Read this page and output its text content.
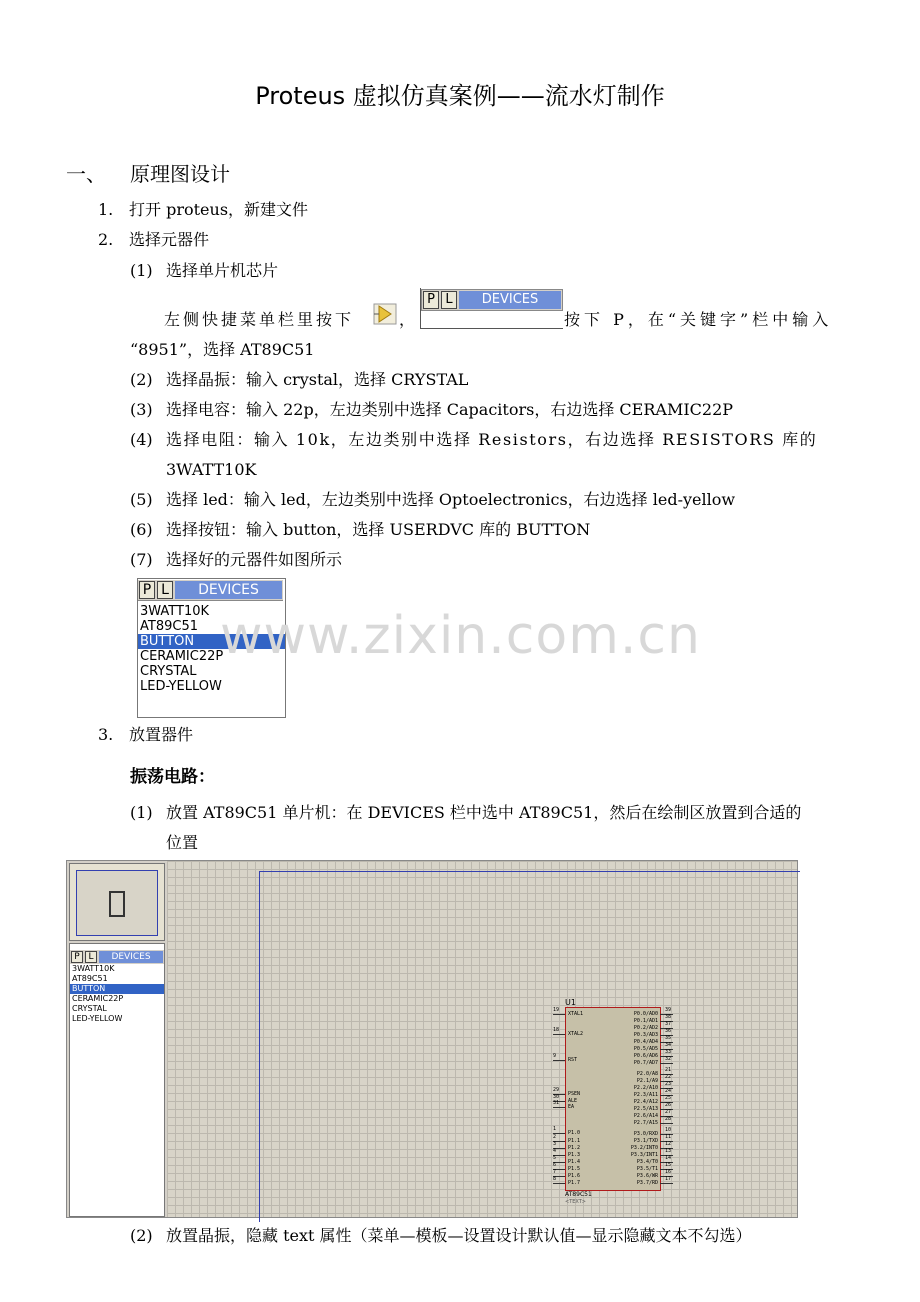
Proteus 虚拟仿真案例——流水灯制作
一、 原理图设计
1. 打开 proteus，新建文件
2. 选择元器件
(1) 选择单片机芯片
左侧快捷菜单栏里按下	，
P L	DEVICES
按下 P，在“关键字”栏中输入
“8951”，选择 AT89C51
(2) 选择晶振：输入 crystal，选择 CRYSTAL
(3) 选择电容：输入 22p，左边类别中选择 Capacitors，右边选择 CERAMIC22P
(4) 选择电阻：输入 10k，左边类别中选择 Resistors，右边选择 RESISTORS 库的
3WATT10K
(5) 选择 led：输入 led，左边类别中选择 Optoelectronics，右边选择 led-yellow
(6) 选择按钮：输入 button，选择 USERDVC 库的 BUTTON
(7) 选择好的元器件如图所示
P L	DEVICES
3WATT10K
AT89C51
BUTTON
CERAMIC22P
CRYSTAL
LED-YELLOW
www.zixin.com.cn
3. 放置器件
振荡电路：
(1) 放置 AT89C51 单片机：在 DEVICES 栏中选中 AT89C51，然后在绘制区放置到合适的
位置
P L	DEVICES
3WATT10K
AT89C51
BUTTON
CERAMIC22P
CRYSTAL
LED-YELLOW
U1
19
XTAL1
18
XTAL2
9
RST
29
PSEN
30
ALE
31
EA
1
P1.0
2
P1.1
3
P1.2
4
P1.3
5
P1.4
6
P1.5
7
P1.6
8
P1.7
P0.0/AD0
39
P0.1/AD1
38
P0.2/AD2
37
P0.3/AD3
36
P0.4/AD4
35
P0.5/AD5
34
P0.6/AD6
33
P0.7/AD7
32
P2.0/A8
21
P2.1/A9
22
P2.2/A10
23
P2.3/A11
24
P2.4/A12
25
P2.5/A13
26
P2.6/A14
27
P2.7/A15
28
P3.0/RXD
10
P3.1/TXD
11
P3.2/INT0
12
P3.3/INT1
13
P3.4/T0
14
P3.5/T1
15
P3.6/WR
16
P3.7/RD
17
AT89C51
<TEXT>
(2) 放置晶振，隐藏 text 属性（菜单—模板—设置设计默认值—显示隐藏文本不勾选）
